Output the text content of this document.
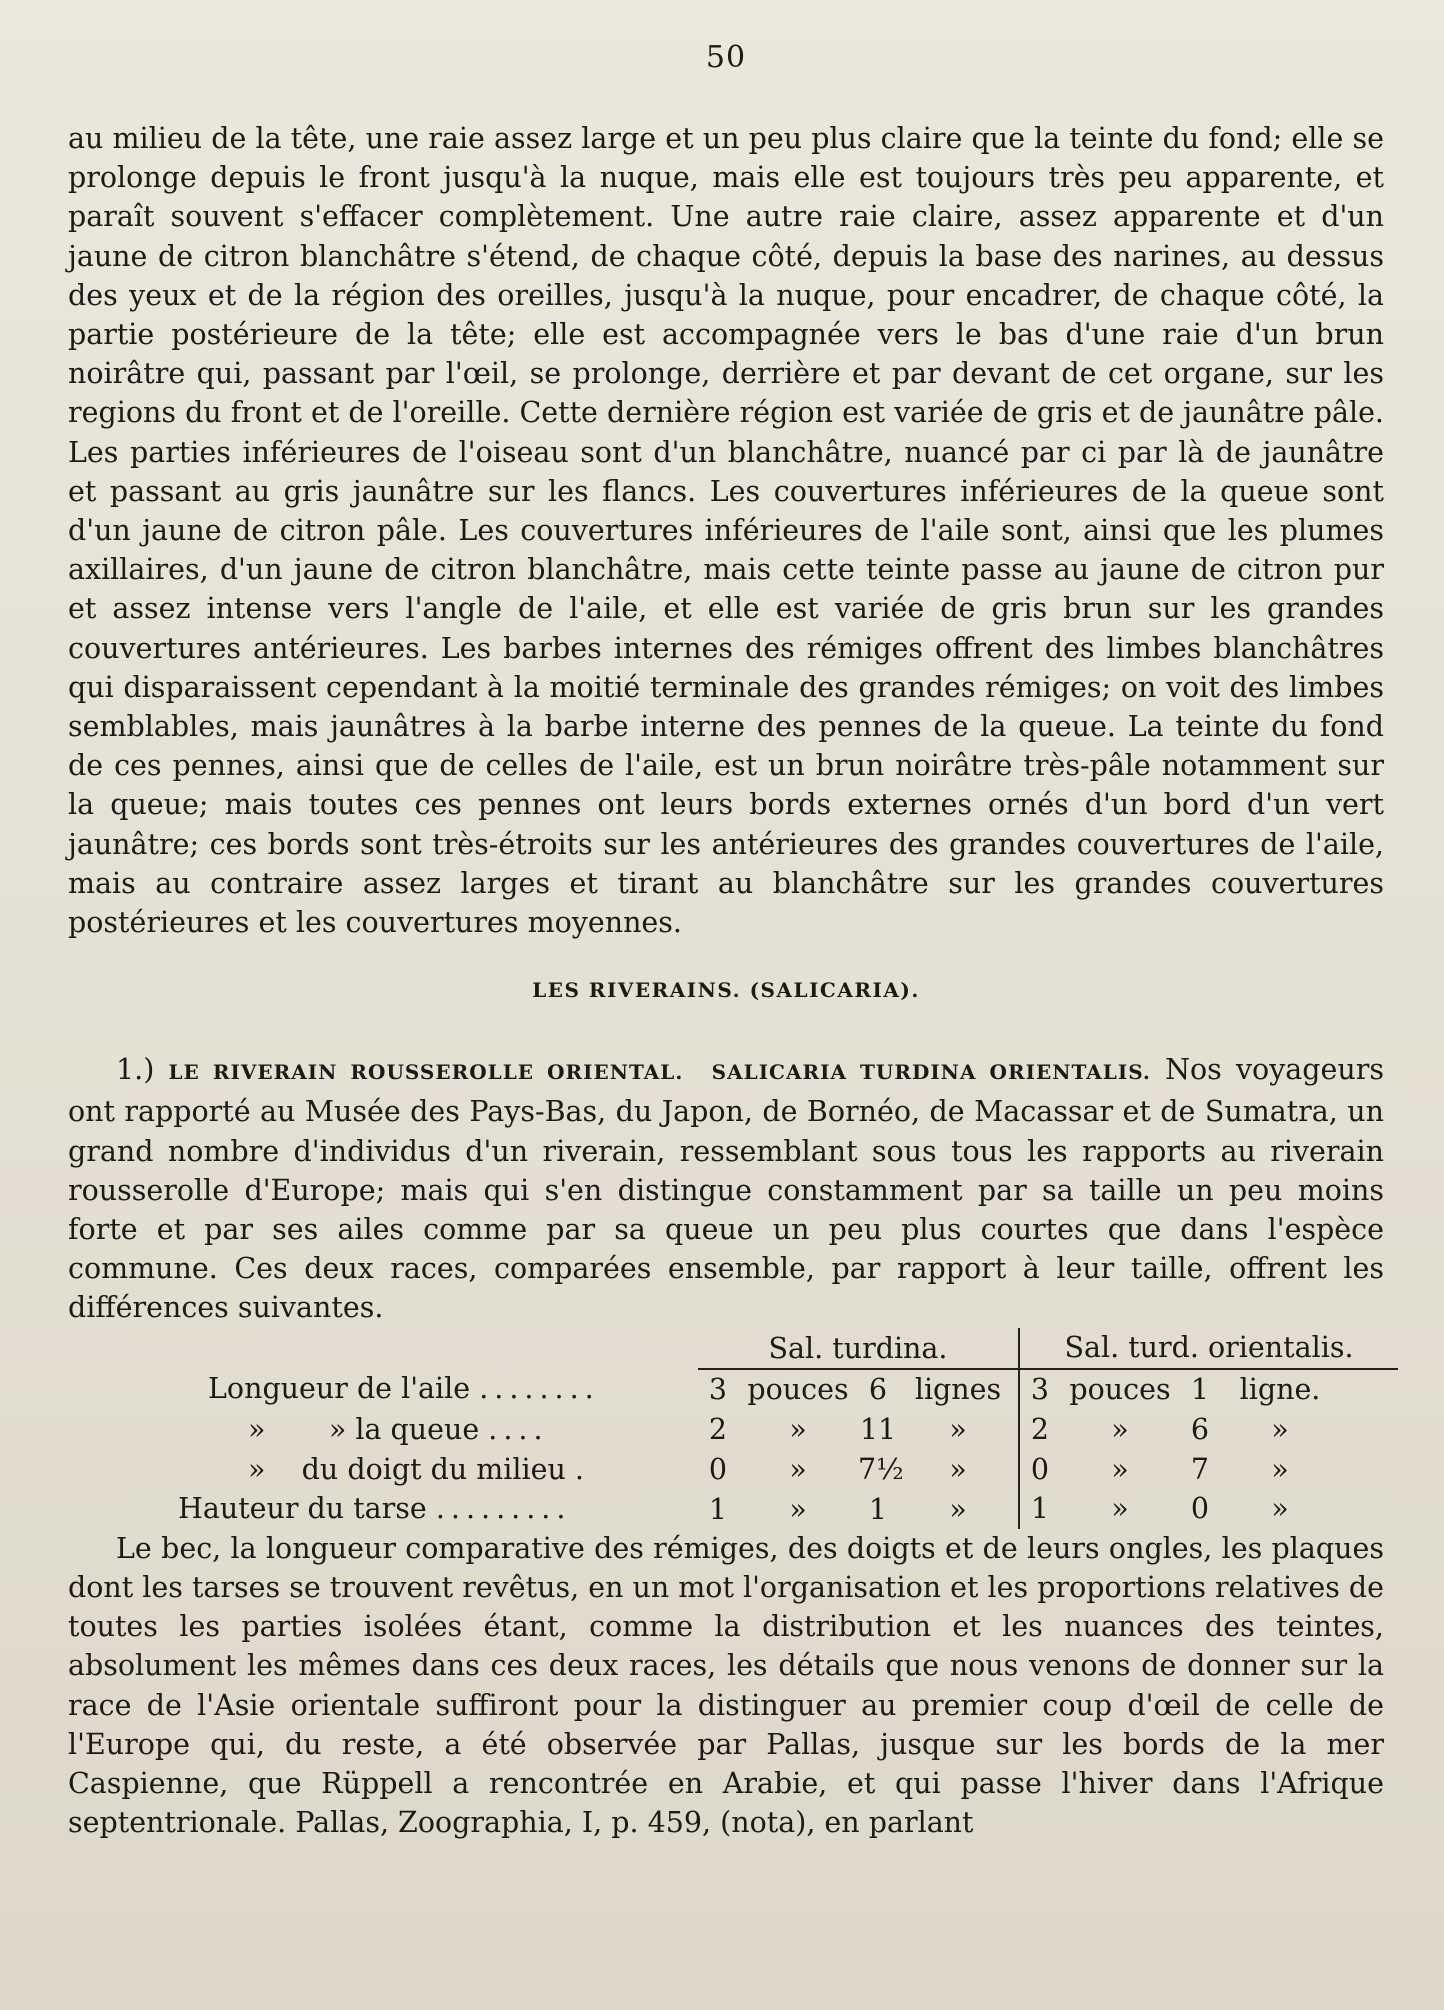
50

au milieu de la tête, une raie assez large et un peu plus claire que la teinte du fond; elle se prolonge depuis le front jusqu'à la nuque, mais elle est toujours très peu apparente, et paraît souvent s'effacer complètement. Une autre raie claire, assez apparente et d'un jaune de citron blanchâtre s'étend, de chaque côté, depuis la base des narines, au dessus des yeux et de la région des oreilles, jusqu'à la nuque, pour encadrer, de chaque côté, la partie postérieure de la tête; elle est accompagnée vers le bas d'une raie d'un brun noirâtre qui, passant par l'œil, se prolonge, derrière et par devant de cet organe, sur les regions du front et de l'oreille. Cette dernière région est variée de gris et de jaunâtre pâle. Les parties inférieures de l'oiseau sont d'un blanchâtre, nuancé par ci par là de jaunâtre et passant au gris jaunâtre sur les flancs. Les couvertures inférieures de la queue sont d'un jaune de citron pâle. Les couvertures inférieures de l'aile sont, ainsi que les plumes axillaires, d'un jaune de citron blanchâtre, mais cette teinte passe au jaune de citron pur et assez intense vers l'angle de l'aile, et elle est variée de gris brun sur les grandes couvertures antérieures. Les barbes internes des rémiges offrent des limbes blanchâtres qui disparaissent cependant à la moitié terminale des grandes rémiges; on voit des limbes semblables, mais jaunâtres à la barbe interne des pennes de la queue. La teinte du fond de ces pennes, ainsi que de celles de l'aile, est un brun noirâtre très-pâle notamment sur la queue; mais toutes ces pennes ont leurs bords externes ornés d'un bord d'un vert jaunâtre; ces bords sont très-étroits sur les antérieures des grandes couvertures de l'aile, mais au contraire assez larges et tirant au blanchâtre sur les grandes couvertures postérieures et les couvertures moyennes.

LES RIVERAINS. (SALICARIA).

1.) LE RIVERAIN ROUSSEROLLE ORIENTAL. SALICARIA TURDINA ORIENTALIS. Nos voyageurs ont rapporté au Musée des Pays-Bas, du Japon, de Bornéo, de Macassar et de Sumatra, un grand nombre d'individus d'un riverain, ressemblant sous tous les rapports au riverain rousserolle d'Europe; mais qui s'en distingue constamment par sa taille un peu moins forte et par ses ailes comme par sa queue un peu plus courtes que dans l'espèce commune. Ces deux races, comparées ensemble, par rapport à leur taille, offrent les différences suivantes.

	Sal. turdina.	Sal. turd. orientalis.
Longueur de l'aile ........	3 pouces 6 lignes	3 pouces 1 ligne.
»       » la queue ....	2 » 11 »	2 » 6 »
»    du doigt du milieu .	0 » 7½ »	0 » 7 »
Hauteur du tarse .........	1 » 1 »	1 » 0 »

Le bec, la longueur comparative des rémiges, des doigts et de leurs ongles, les plaques dont les tarses se trouvent revêtus, en un mot l'organisation et les proportions relatives de toutes les parties isolées étant, comme la distribution et les nuances des teintes, absolument les mêmes dans ces deux races, les détails que nous venons de donner sur la race de l'Asie orientale suffiront pour la distinguer au premier coup d'œil de celle de l'Europe qui, du reste, a été observée par Pallas, jusque sur les bords de la mer Caspienne, que Rüppell a rencontrée en Arabie, et qui passe l'hiver dans l'Afrique septentrionale. Pallas, Zoographia, I, p. 459, (nota), en parlant
